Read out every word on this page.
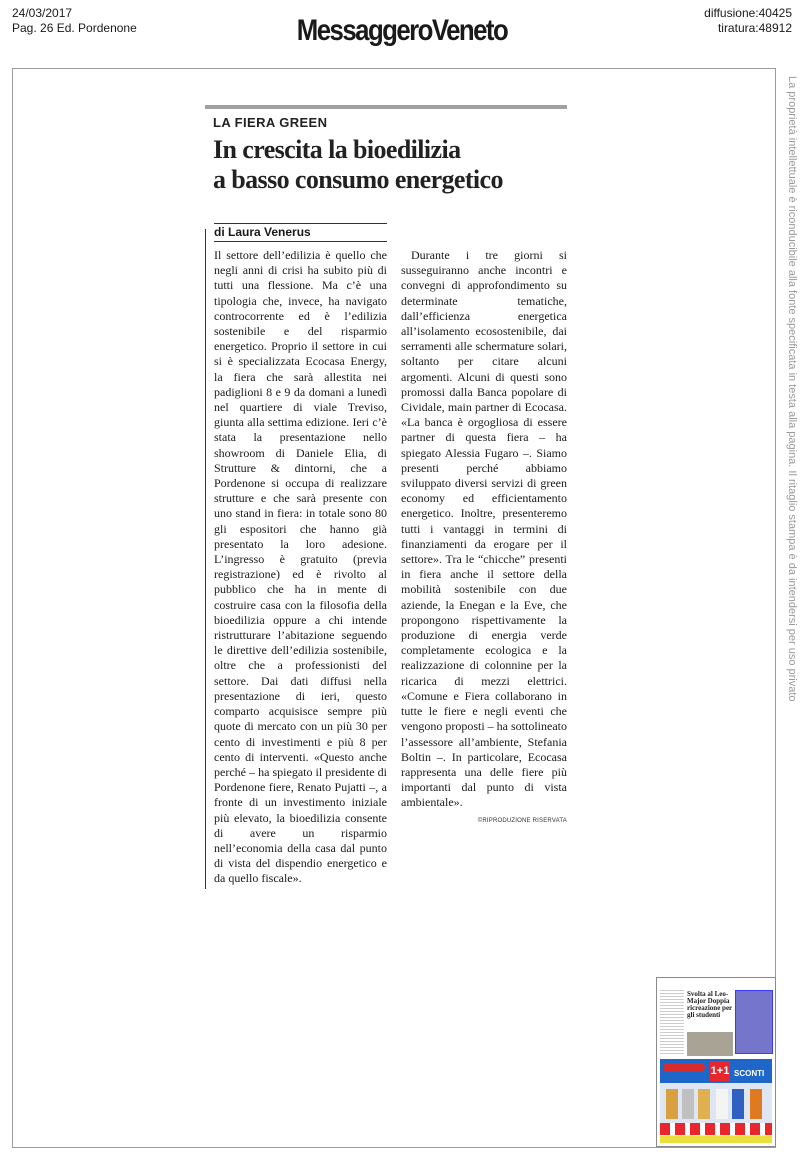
24/03/2017
Pag. 26 Ed. Pordenone	MessaggeroVeneto
diffusione:40425
tiratura:48912
La proprietà intellettuale è riconducibile alla fonte specificata in testa alla pagina. Il ritaglio stampa è da intendersi per uso privato
LA FIERA GREEN
In crescita la bioedilizia
a basso consumo energetico
di Laura Venerus

Il settore dell’edilizia è quello che negli anni di crisi ha subito più di tutti una flessione. Ma c’è una tipologia che, invece, ha navigato controcorrente ed è l’edilizia sostenibile e del risparmio energetico. Proprio il settore in cui si è specializzata Ecocasa Energy, la fiera che sarà allestita nei padiglioni 8 e 9 da domani a lunedì nel quartiere di viale Treviso, giunta alla settima edizione. Ieri c’è stata la presentazione nello showroom di Daniele Elia, di Strutture & dintorni, che a Pordenone si occupa di realizzare strutture e che sarà presente con uno stand in fiera: in totale sono 80 gli espositori che hanno già presentato la loro adesione. L’ingresso è gratuito (previa registrazione) ed è rivolto al pubblico che ha in mente di costruire casa con la filosofia della bioedilizia oppure a chi intende ristrutturare l’abitazione seguendo le direttive dell’edilizia sostenibile, oltre che a professionisti del settore. Dai dati diffusi nella presentazione di ieri, questo comparto acquisisce sempre più quote di mercato con un più 30 per cento di investimenti e più 8 per cento di interventi. «Questo anche perché – ha spiegato il presidente di Pordenone fiere, Renato Pujatti –, a fronte di un investimento iniziale più elevato, la bioedilizia consente di avere un risparmio nell’economia della casa dal punto di vista del dispendio energetico e da quello fiscale».

Durante i tre giorni si susseguiranno anche incontri e convegni di approfondimento su determinate tematiche, dall’efficienza energetica all’isolamento ecosostenibile, dai serramenti alle schermature solari, soltanto per citare alcuni argomenti. Alcuni di questi sono promossi dalla Banca popolare di Cividale, main partner di Ecocasa. «La banca è orgogliosa di essere partner di questa fiera – ha spiegato Alessia Fugaro –. Siamo presenti perché abbiamo sviluppato diversi servizi di green economy ed efficientamento energetico. Inoltre, presenteremo tutti i vantaggi in termini di finanziamenti da erogare per il settore». Tra le “chicche” presenti in fiera anche il settore della mobilità sostenibile con due aziende, la Enegan e la Eve, che propongono rispettivamente la produzione di energia verde completamente ecologica e la realizzazione di colonnine per la ricarica di mezzi elettrici. «Comune e Fiera collaborano in tutte le fiere e negli eventi che vengono proposti – ha sottolineato l’assessore all’ambiente, Stefania Boltin –. In particolare, Ecocasa rappresenta una delle fiere più importanti dal punto di vista ambientale».

©RIPRODUZIONE RISERVATA
Svolta al Leo-Major Doppia ricreazione per gli studenti
1+1 SCONTI
